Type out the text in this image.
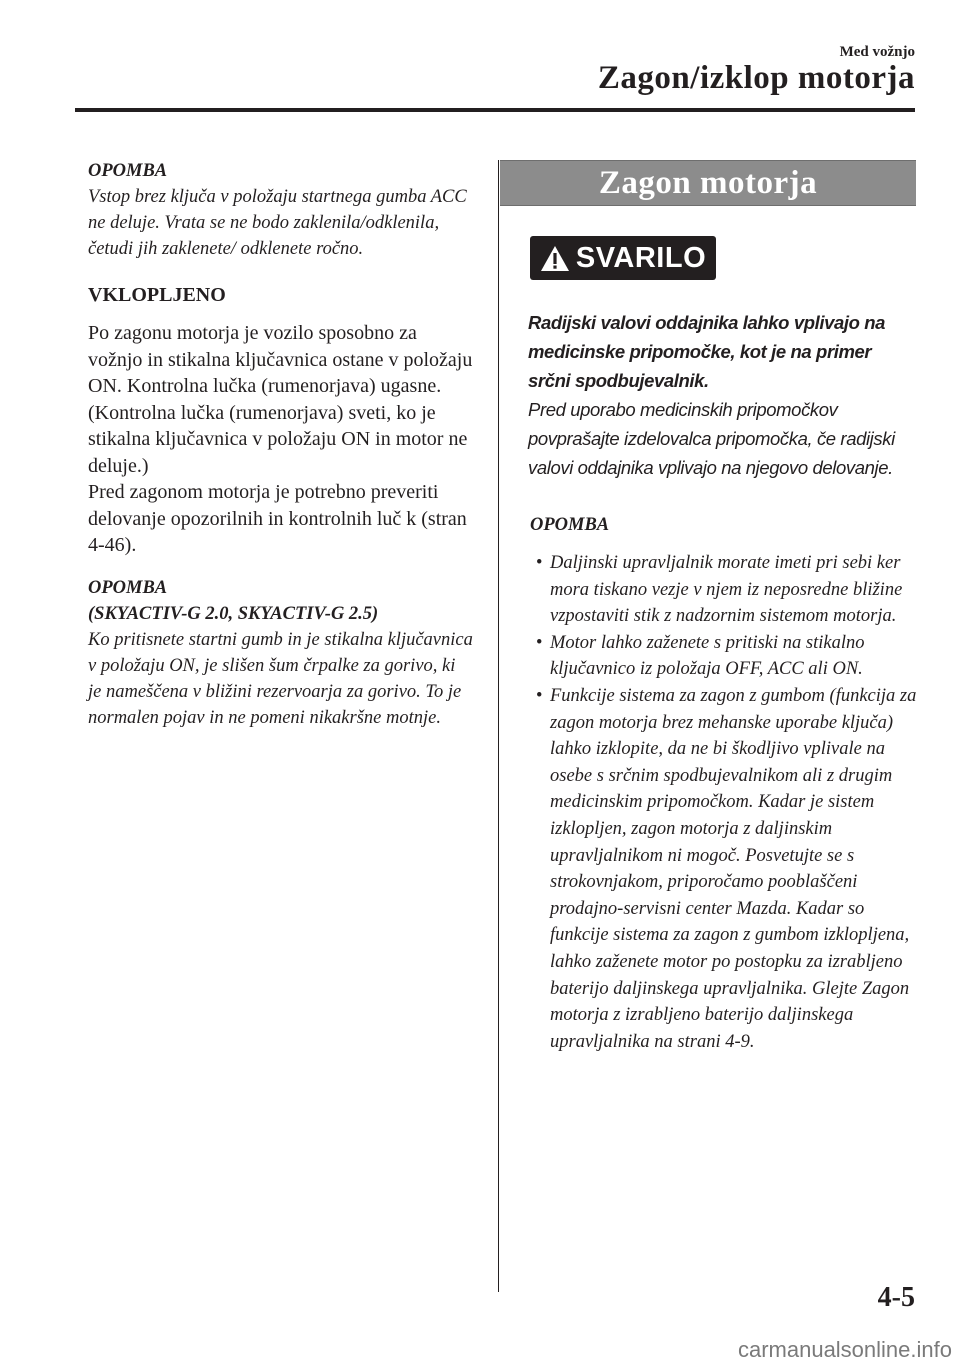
Med vožnjo
Zagon/izklop motorja
OPOMBA
Vstop brez ključa v položaju startnega gumba ACC ne deluje. Vrata se ne bodo zaklenila/odklenila, četudi jih zaklenete/ odklenete ročno.
VKLOPLJENO
Po zagonu motorja je vozilo sposobno za vožnjo in stikalna ključavnica ostane v položaju ON. Kontrolna lučka (rumenorjava) ugasne. (Kontrolna lučka (rumenorjava) sveti, ko je stikalna ključavnica v položaju ON in motor ne deluje.)
Pred zagonom motorja je potrebno preveriti delovanje opozorilnih in kontrolnih luč k (stran 4-46).
OPOMBA
(SKYACTIV-G 2.0, SKYACTIV-G 2.5)
Ko pritisnete startni gumb in je stikalna ključavnica v položaju ON, je slišen šum črpalke za gorivo, ki je nameščena v bližini rezervoarja za gorivo. To je normalen pojav in ne pomeni nikakršne motnje.
Zagon motorja
SVARILO
Radijski valovi oddajnika lahko vplivajo na medicinske pripomočke, kot je na primer srčni spodbujevalnik.
Pred uporabo medicinskih pripomočkov povprašajte izdelovalca pripomočka, če radijski valovi oddajnika vplivajo na njegovo delovanje.
OPOMBA
• Daljinski upravljalnik morate imeti pri sebi ker mora tiskano vezje v njem iz neposredne bližine vzpostaviti stik z nadzornim sistemom motorja.
• Motor lahko zaženete s pritiski na stikalno ključavnico iz položaja OFF, ACC ali ON.
• Funkcije sistema za zagon z gumbom (funkcija za zagon motorja brez mehanske uporabe ključa) lahko izklopite, da ne bi škodljivo vplivale na osebe s srčnim spodbujevalnikom ali z drugim medicinskim pripomočkom. Kadar je sistem izklopljen, zagon motorja z daljinskim upravljalnikom ni mogoč. Posvetujte se s strokovnjakom, priporočamo pooblaščeni prodajno-servisni center Mazda. Kadar so funkcije sistema za zagon z gumbom izklopljena, lahko zaženete motor po postopku za izrabljeno baterijo daljinskega upravljalnika. Glejte Zagon motorja z izrabljeno baterijo daljinskega upravljalnika na strani 4-9.
4-5
carmanualsonline.info
